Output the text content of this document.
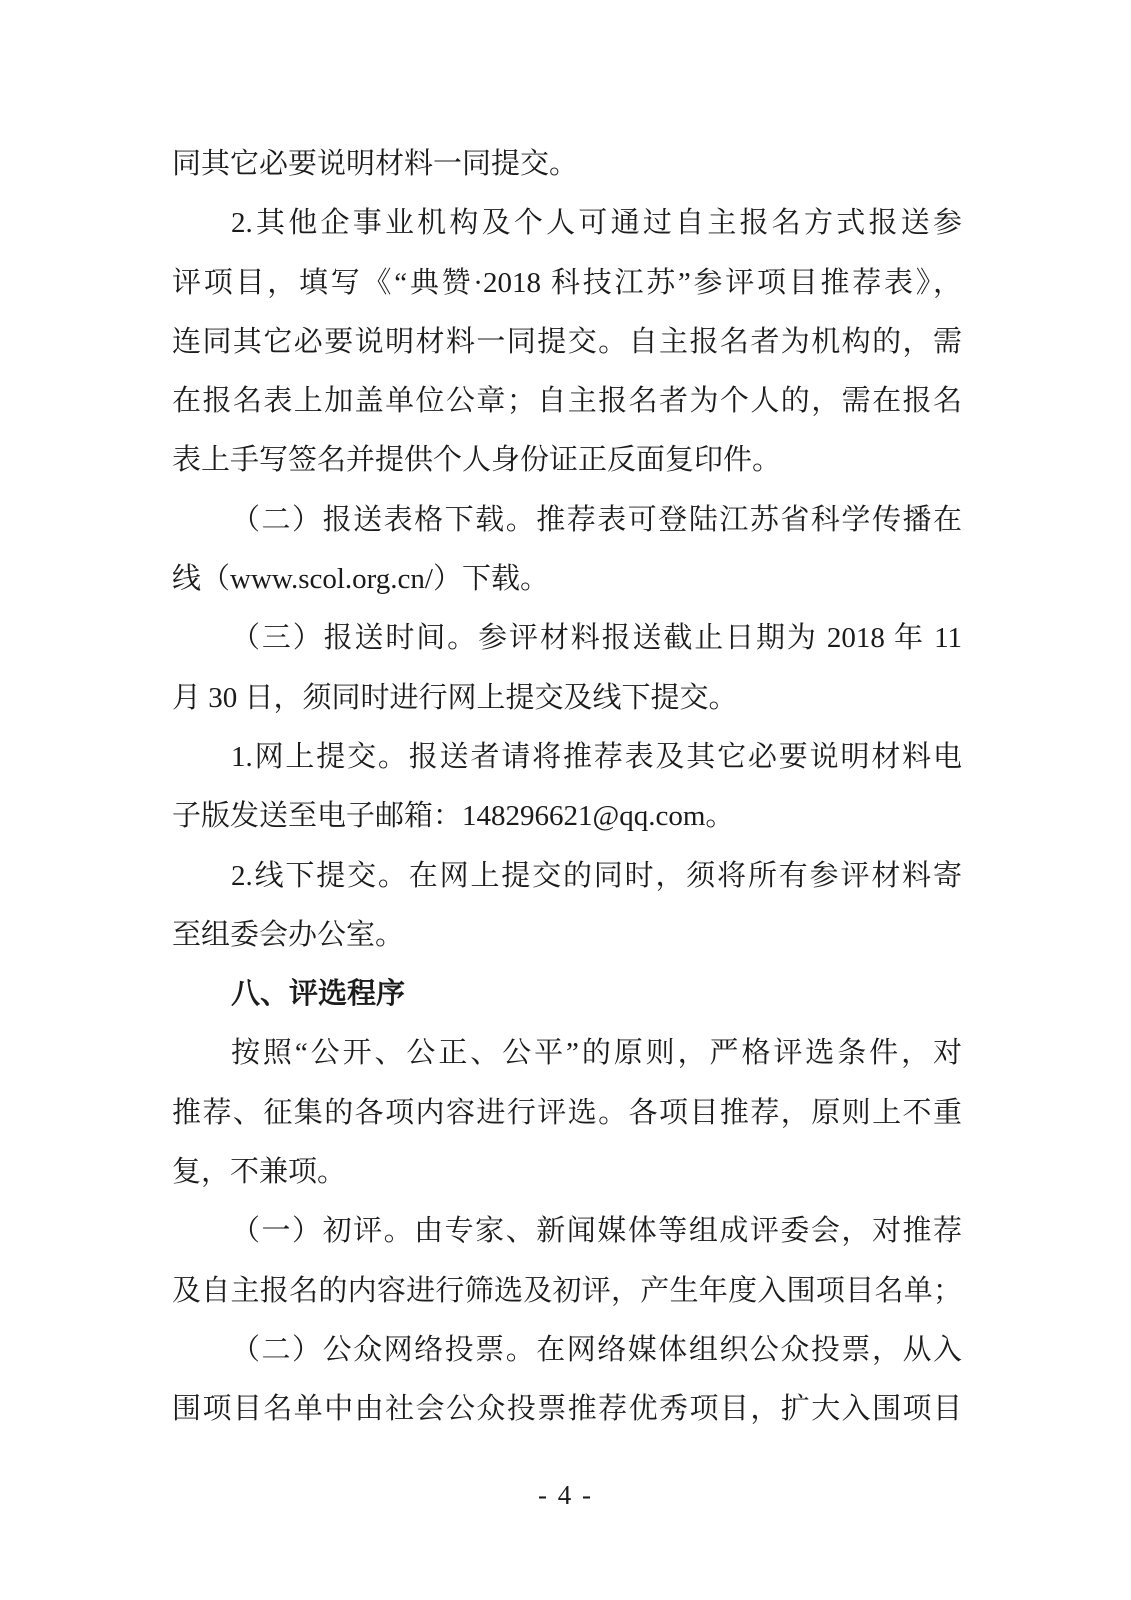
同其它必要说明材料一同提交。
2.其他企事业机构及个人可通过自主报名方式报送参
评项目，填写《“典赞·2018 科技江苏”参评项目推荐表》，
连同其它必要说明材料一同提交。自主报名者为机构的，需
在报名表上加盖单位公章；自主报名者为个人的，需在报名
表上手写签名并提供个人身份证正反面复印件。
（二）报送表格下载。推荐表可登陆江苏省科学传播在
线（www.scol.org.cn/）下载。
（三）报送时间。参评材料报送截止日期为 2018 年 11
月 30 日，须同时进行网上提交及线下提交。
1.网上提交。报送者请将推荐表及其它必要说明材料电
子版发送至电子邮箱：148296621@qq.com。
2.线下提交。在网上提交的同时，须将所有参评材料寄
至组委会办公室。
八、评选程序
按照“公开、公正、公平”的原则，严格评选条件，对
推荐、征集的各项内容进行评选。各项目推荐，原则上不重
复，不兼项。
（一）初评。由专家、新闻媒体等组成评委会，对推荐
及自主报名的内容进行筛选及初评，产生年度入围项目名单；
（二）公众网络投票。在网络媒体组织公众投票，从入
围项目名单中由社会公众投票推荐优秀项目，扩大入围项目
- 4 -
